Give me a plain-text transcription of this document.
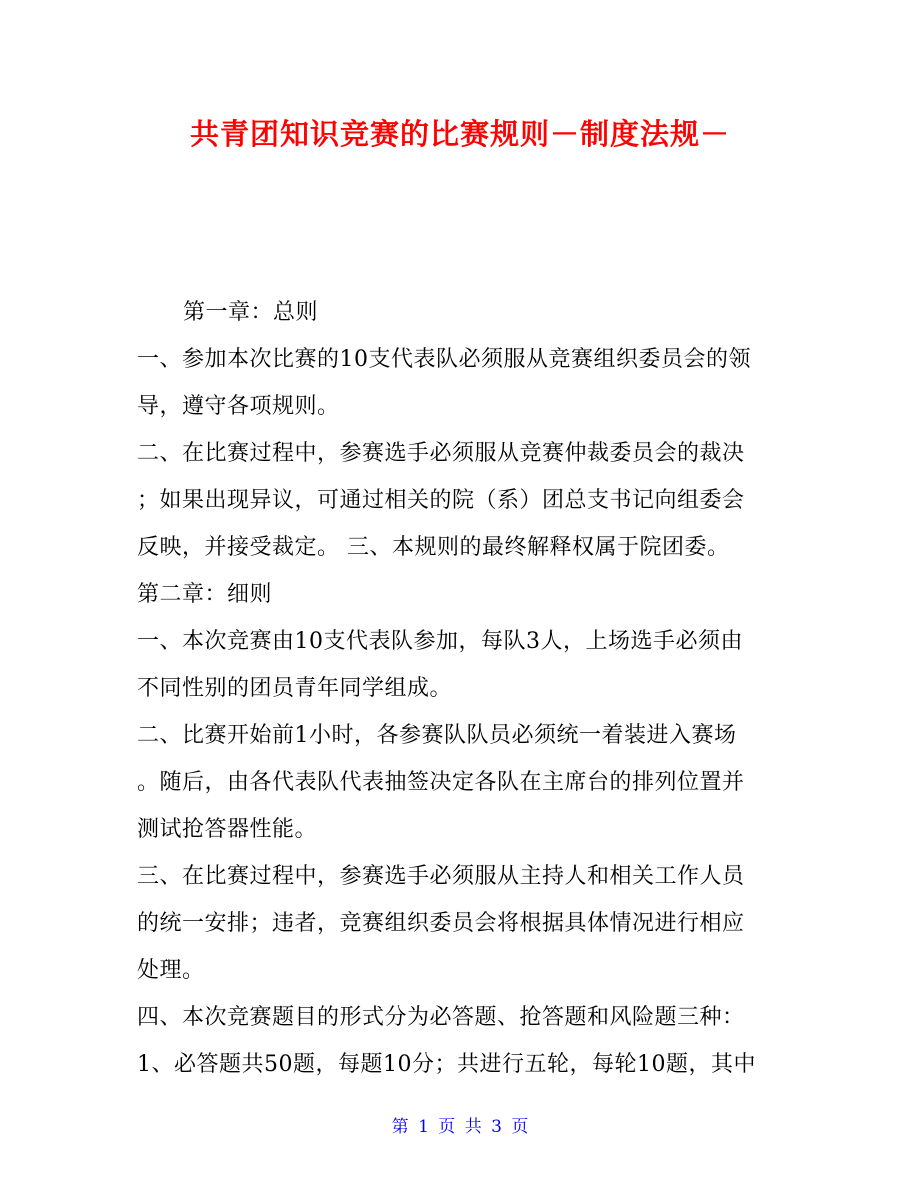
共青团知识竞赛的比赛规则－制度法规－
第一章：总则
一、参加本次比赛的10支代表队必须服从竞赛组织委员会的领
导，遵守各项规则。
二、在比赛过程中，参赛选手必须服从竞赛仲裁委员会的裁决
；如果出现异议，可通过相关的院（系）团总支书记向组委会
反映，并接受裁定。 三、本规则的最终解释权属于院团委。
第二章：细则
一、本次竞赛由10支代表队参加，每队3人，上场选手必须由
不同性别的团员青年同学组成。
二、比赛开始前1小时，各参赛队队员必须统一着装进入赛场
。随后，由各代表队代表抽签决定各队在主席台的排列位置并
测试抢答器性能。
三、在比赛过程中，参赛选手必须服从主持人和相关工作人员
的统一安排；违者，竞赛组织委员会将根据具体情况进行相应
处理。
四、本次竞赛题目的形式分为必答题、抢答题和风险题三种：
1、必答题共50题，每题10分；共进行五轮，每轮10题，其中
第 1 页 共 3 页
